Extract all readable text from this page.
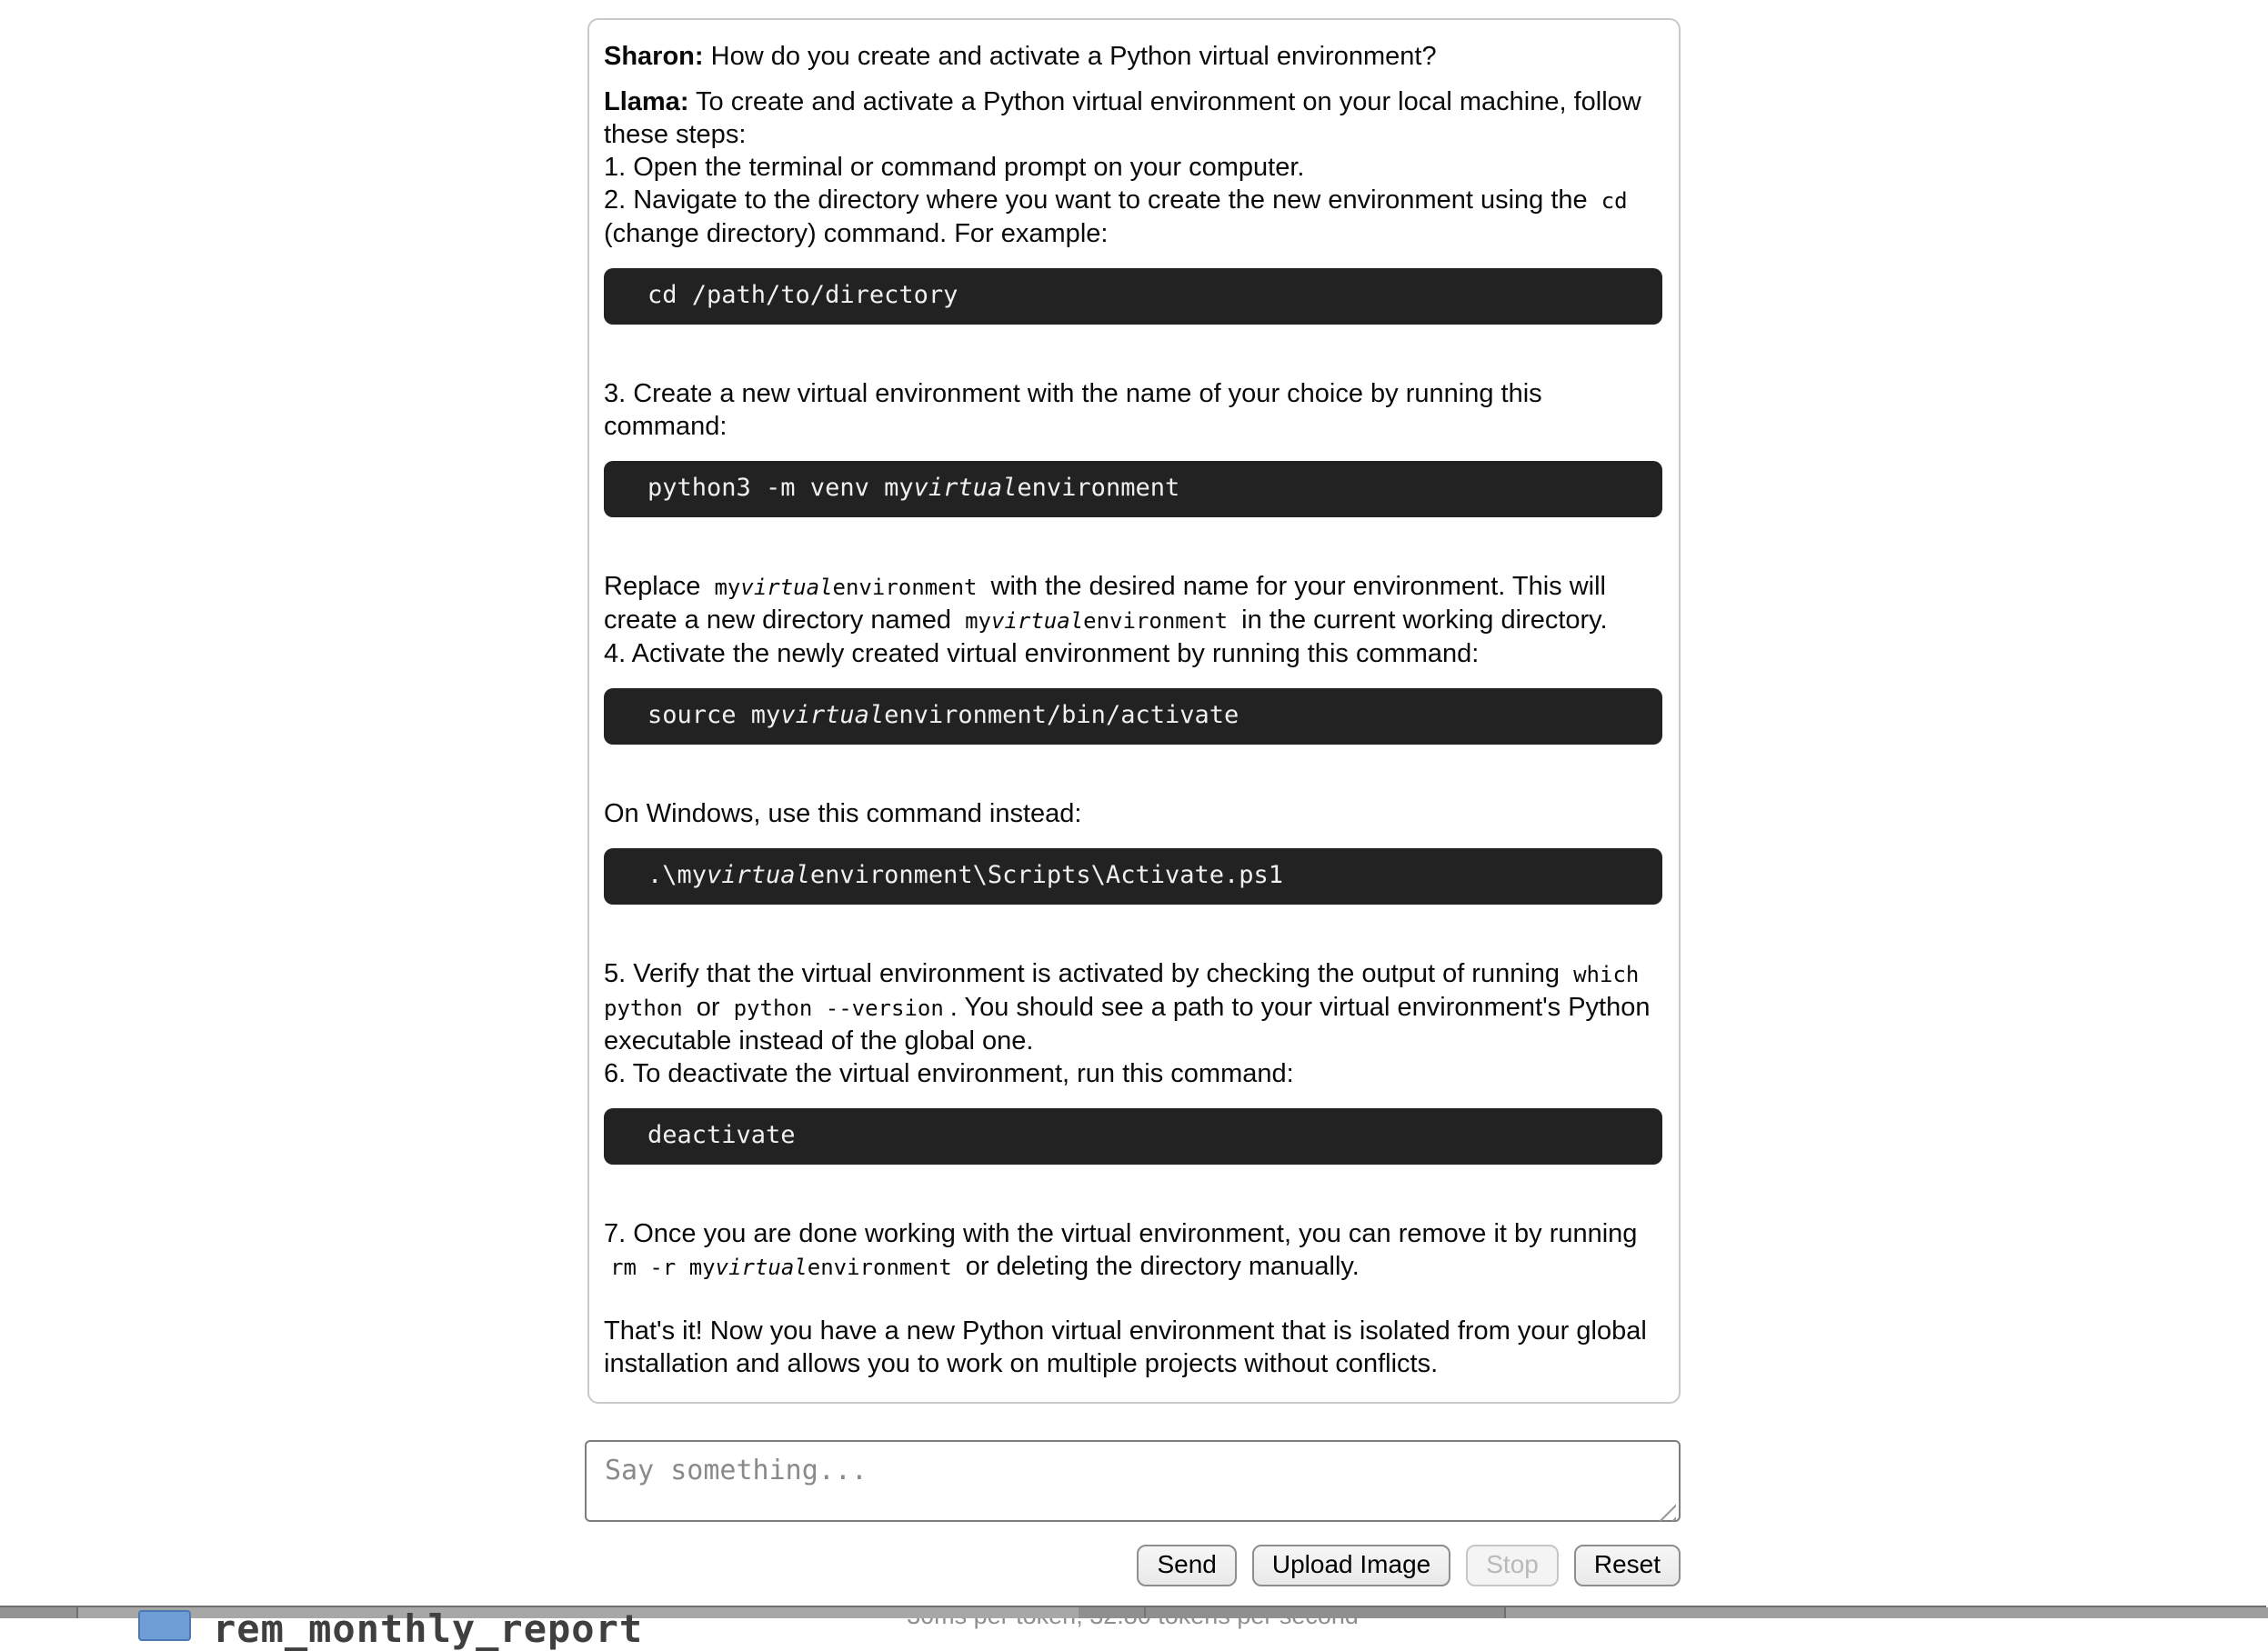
Sharon: How do you create and activate a Python virtual environment?

Llama: To create and activate a Python virtual environment on your local machine, follow these steps:
1. Open the terminal or command prompt on your computer.
2. Navigate to the directory where you want to create the new environment using the cd (change directory) command. For example:

cd /path/to/directory

3. Create a new virtual environment with the name of your choice by running this command:

python3 -m venv myvirtualenvironment

Replace myvirtualenvironment with the desired name for your environment. This will create a new directory named myvirtualenvironment in the current working directory.
4. Activate the newly created virtual environment by running this command:

source myvirtualenvironment/bin/activate

On Windows, use this command instead:

.\myvirtualenvironment\Scripts\Activate.ps1

5. Verify that the virtual environment is activated by checking the output of running which python or python --version . You should see a path to your virtual environment's Python executable instead of the global one.
6. To deactivate the virtual environment, run this command:

deactivate

7. Once you are done working with the virtual environment, you can remove it by running rm -r myvirtualenvironment or deleting the directory manually.

That's it! Now you have a new Python virtual environment that is isolated from your global installation and allows you to work on multiple projects without conflicts.

Say something...
Send	Upload Image	Stop	Reset
rem_monthly_report
